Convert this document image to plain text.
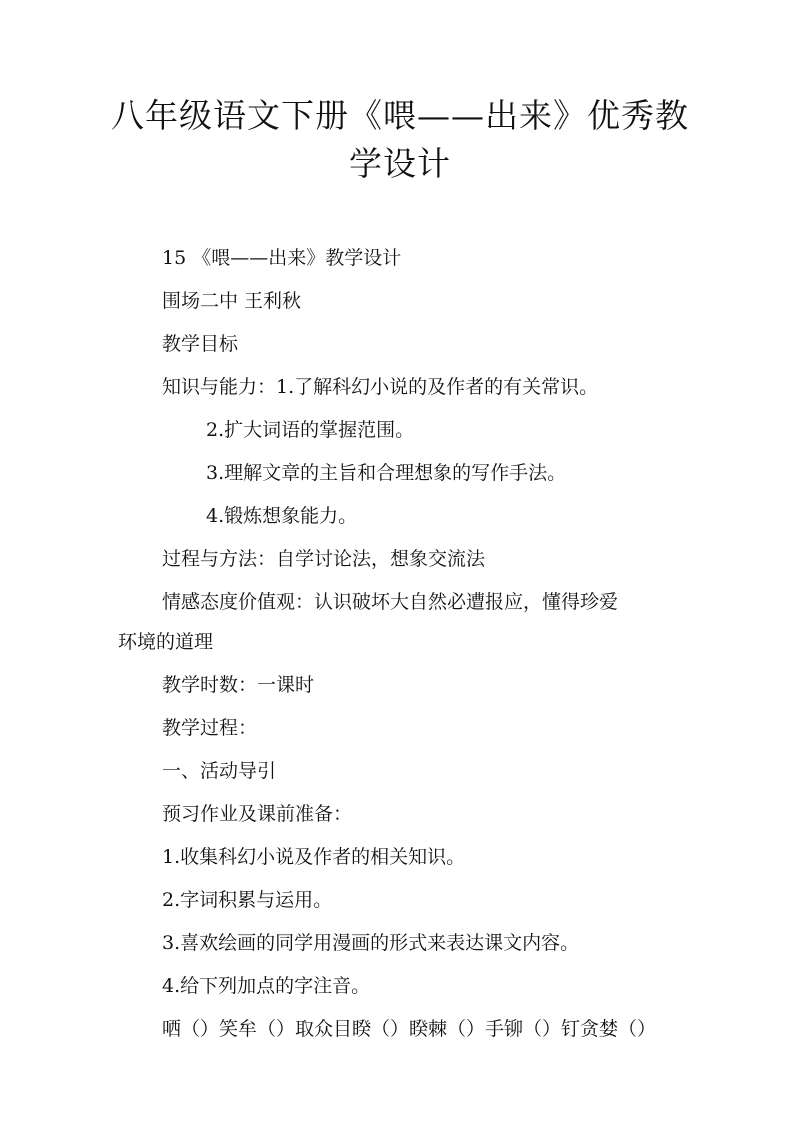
八年级语文下册《喂——出来》优秀教
学设计
15 《喂——出来》教学设计
围场二中 王利秋
教学目标
知识与能力：1.了解科幻小说的及作者的有关常识。
2.扩大词语的掌握范围。
3.理解文章的主旨和合理想象的写作手法。
4.锻炼想象能力。
过程与方法：自学讨论法，想象交流法
情感态度价值观：认识破坏大自然必遭报应，懂得珍爱
环境的道理
教学时数：一课时
教学过程：
一、活动导引
预习作业及课前准备：
1.收集科幻小说及作者的相关知识。
2.字词积累与运用。
3.喜欢绘画的同学用漫画的形式来表达课文内容。
4.给下列加点的字注音。
哂（）笑牟（）取众目睽（）睽棘（）手铆（）钉贪婪（）
